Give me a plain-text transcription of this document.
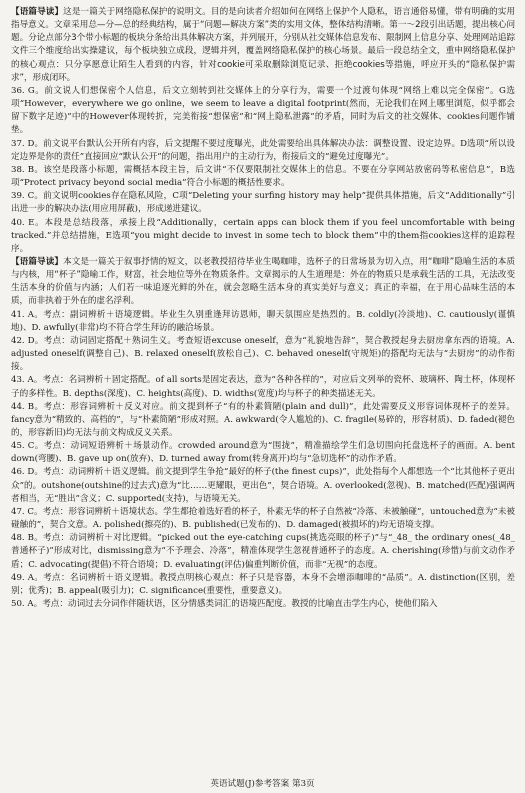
【语篇导读】这是一篇关于网络隐私保护的说明文。目的是向读者介绍如何在网络上保护个人隐私，语言通俗易懂，带有明确的实用指导意义。文章采用总—分—总的经典结构，属于“问题—解决方案”类的实用文体，整体结构清晰。第一～2段引出话题，提出核心问题。分论点部分3个带小标题的板块分条给出具体解决方案，并列展开，分别从社交媒体信息发布、限制网上信息分享、处理网站追踪文件三个维度给出实操建议，每个板块独立成段，逻辑并列，覆盖网络隐私保护的核心场景。最后一段总结全文，重申网络隐私保护的核心观点：只分享愿意让陌生人看到的内容，针对cookie可采取删除浏览记录、拒绝cookies等措施，呼应开头的“隐私保护需求”，形成闭环。

36. G。前文说人们想保密个人信息，后文立刻转到社交媒体上的分享行为，需要一个过渡句体现“网络上难以完全保密”。G选项“However，everywhere we go online，we seem to leave a digital footprint(然而，无论我们在网上哪里浏览，似乎都会留下数字足迹)”中的However体现转折，完美衔接“想保密”和“网上隐私泄露”的矛盾，同时为后文的社交媒体、cookies问题作铺垫。

37. D。前文说平台默认公开所有内容，后文提醒不要过度曝光，此处需要给出具体解决办法：调整设置、设定边界。D选项“所以设定边界是你的责任”直接回应“默认公开”的问题，指出用户的主动行为，衔接后文的“避免过度曝光”。

38. B。该空是段落小标题，需概括本段主旨，后文讲“不仅要限制社交媒体上的信息。不要在分享网站放密码等私密信息”，B选项“Protect privacy beyond social media”符合小标题的概括性要求。

39. C。前文说明cookies存在隐私风险，C项“Deleting your surfing history may help”提供具体措施，后文“Additionally”引出进一步的解决办法(用应用屏蔽)，形成递进建议。

40. E。本段是总结段落，承接上段“Additionally，certain apps can block them if you feel uncomfortable with being tracked.”并总结措施，E选项“you might decide to invest in some tech to block them”中的them指cookies这样的追踪程序。

【语篇导读】本文是一篇关于叙事抒情的短文，以老教授招待毕业生喝咖啡，选杯子的日常场景为切入点，用“咖啡”隐喻生活的本质与内核，用“杯子”隐喻工作，财富，社会地位等外在物质条件。文章揭示的人生道理是：外在的物质只是承载生活的工具，无法改变生活本身的价值与内涵；人们若一味追逐光鲜的外在，就会忽略生活本身的真实美好与意义；真正的幸福，在于用心品味生活的本质，而非执着于外在的虚名浮利。

41. A。考点：副词辨析＋语境逻辑。毕业生久别重逢拜访恩师，聊天氛围应是热烈的。B. coldly(冷淡地)、C. cautiously(谨慎地)、D. awfully(非常)均不符合学生拜访的融洽场景。

42. D。考点：动词固定搭配＋熟词生义。考查短语excuse oneself，意为“礼貌地告辞”，契合教授起身去厨房拿东西的语境。A. adjusted oneself(调整自己)、B. relaxed oneself(放松自己)、C. behaved oneself(守规矩)的搭配均无法与“去厨房”的动作衔接。

43. A。考点：名词辨析＋固定搭配。of all sorts是固定表达，意为“各种各样的”，对应后文列举的瓷杯、玻璃杯、陶土杯，体现杯子的多样性。B. depths(深度)、C. heights(高度)、D. widths(宽度)均与杯子的种类描述无关。

44. B。考点：形容词辨析＋反义对应。前文提到杯子“有的朴素简陋(plain and dull)”，此处需要反义形容词体现杯子的差异。fancy意为“精致的、高档的”，与“朴素简陋”形成对照。A. awkward(令人尴尬的)、C. fragile(易碎的，形容材质)、D. faded(褪色的，形容新旧)均无法与前文构成反义关系。

45. C。考点：动词短语辨析＋场景动作。crowded around意为“围拢”，精准描绘学生们急切围向托盘选杯子的画面。A. bent down(弯腰)、B. gave up on(放弃)、D. turned away from(转身离开)均与“急切选杯”的动作矛盾。

46. D。考点：动词辨析＋语义逻辑。前文提到学生争抢“最好的杯子(the finest cups)”，此处指每个人都想选一个“比其他杯子更出众”的。outshone(outshine的过去式)意为“比……更耀眼，更出色”，契合语境。A. overlooked(忽视)、B. matched(匹配)强调两者相当，无“胜出”含义；C. supported(支持)，与语境无关。

47. C。考点：形容词辨析＋语境状态。学生都抢着选好看的杯子，朴素无华的杯子自然被“冷落、未被触碰”，untouched意为“未被碰触的”，契合文意。A. polished(擦亮的)、B. published(已发布的)、D. damaged(被损坏的)均无语境支撑。

48. B。考点：动词辨析＋对比逻辑。“picked out the eye-catching cups(挑选亮眼的杯子)”与“_48_ the ordinary ones(_48_普通杯子)”形成对比，dismissing意为“不予理会、冷落”，精准体现学生忽视普通杯子的态度。A. cherishing(珍惜)与前文动作矛盾；C. advocating(提倡)不符合语境；D. evaluating(评估)偏重判断价值，而非“无视”的态度。

49. A。考点：名词辨析＋语义逻辑。教授点明核心观点：杯子只是容器，本身不会增添咖啡的“品质”。A. distinction(区别，差别；优秀)；B. appeal(吸引力)；C. significance(重要性，重要意义)。

50. A。考点：动词过去分词作伴随状语，区分情感类词汇的语境匹配度。教授的比喻直击学生内心，使他们陷入

英语试题(J)参考答案 第3页
